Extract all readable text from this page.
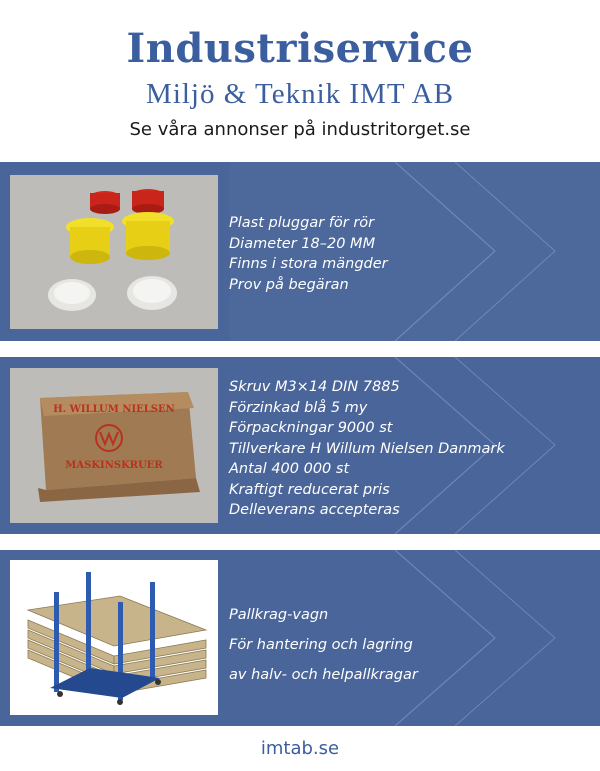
Industriservice
Miljö & Teknik IMT AB
Se våra annonser på industritorget.se
Plast pluggar för rör
Diameter 18–20 MM
Finns i stora mängder
Prov på begäran
H. WILLUM NIELSEN
MASKINSKRUER
Skruv M3×14 DIN 7885
Förzinkad blå 5 my
Förpackningar 9000 st
Tillverkare H Willum Nielsen Danmark
Antal 400 000 st
Kraftigt reducerat pris
Delleverans accepteras
Pallkrag-vagn
För hantering och lagring
av halv- och helpallkragar
imtab.se
